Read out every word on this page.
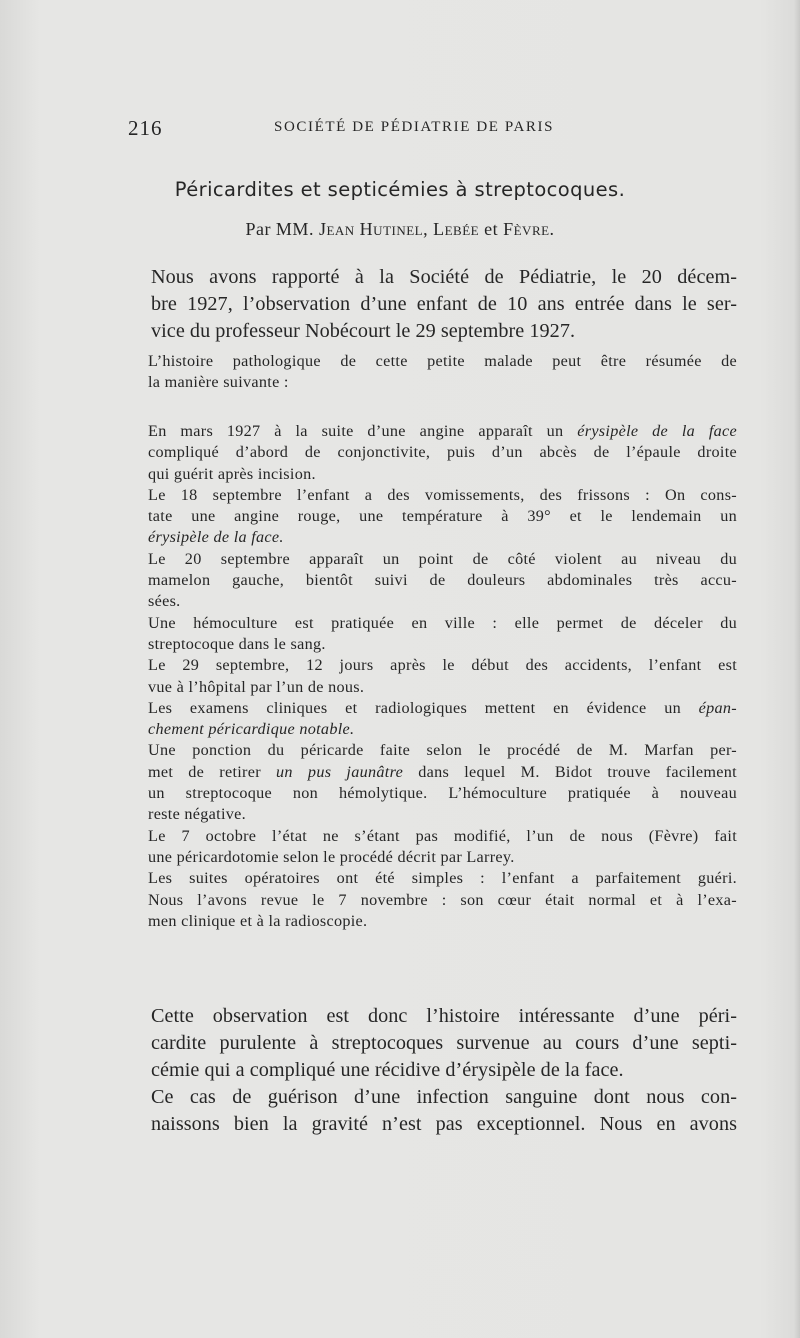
216	SOCIÉTÉ DE PÉDIATRIE DE PARIS
Péricardites et septicémies à streptocoques.
Par MM. Jean Hutinel, Lebée et Fèvre.

Nous avons rapporté à la Société de Pédiatrie, le 20 décem-
bre 1927, l’observation d’une enfant de 10 ans entrée dans le ser-
vice du professeur Nobécourt le 29 septembre 1927.

L’histoire pathologique de cette petite malade peut être résumée de
la manière suivante :

En mars 1927 à la suite d’une angine apparaît un érysipèle de la face
compliqué d’abord de conjonctivite, puis d’un abcès de l’épaule droite
qui guérit après incision.

Le 18 septembre l’enfant a des vomissements, des frissons : On cons-
tate une angine rouge, une température à 39° et le lendemain un
érysipèle de la face.

Le 20 septembre apparaît un point de côté violent au niveau du
mamelon gauche, bientôt suivi de douleurs abdominales très accu-
sées.

Une hémoculture est pratiquée en ville : elle permet de déceler du
streptocoque dans le sang.

Le 29 septembre, 12 jours après le début des accidents, l’enfant est
vue à l’hôpital par l’un de nous.

Les examens cliniques et radiologiques mettent en évidence un épan-
chement péricardique notable.

Une ponction du péricarde faite selon le procédé de M. Marfan per-
met de retirer un pus jaunâtre dans lequel M. Bidot trouve facilement
un streptocoque non hémolytique. L’hémoculture pratiquée à nouveau
reste négative.

Le 7 octobre l’état ne s’étant pas modifié, l’un de nous (Fèvre) fait
une péricardotomie selon le procédé décrit par Larrey.

Les suites opératoires ont été simples : l’enfant a parfaitement guéri.
Nous l’avons revue le 7 novembre : son cœur était normal et à l’exa-
men clinique et à la radioscopie.

Cette observation est donc l’histoire intéressante d’une péri-
cardite purulente à streptocoques survenue au cours d’une septi-
cémie qui a compliqué une récidive d’érysipèle de la face.

Ce cas de guérison d’une infection sanguine dont nous con-
naissons bien la gravité n’est pas exceptionnel. Nous en avons
